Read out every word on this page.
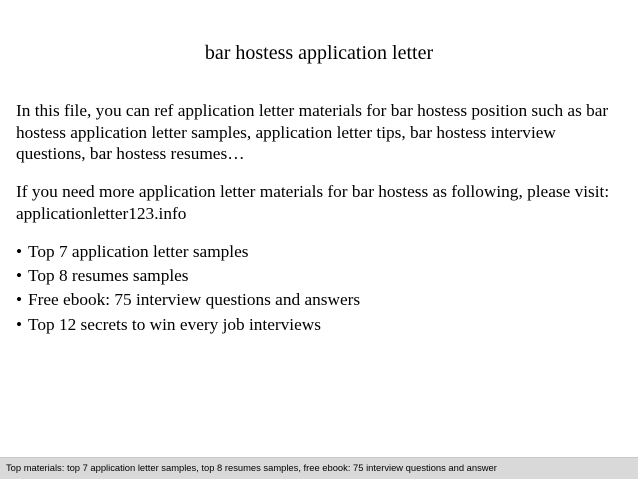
bar hostess application letter

In this file, you can ref application letter materials for bar hostess position such as bar hostess application letter samples, application letter tips, bar hostess interview questions, bar hostess resumes…

If you need more application letter materials for bar hostess as following, please visit: applicationletter123.info

• Top 7 application letter samples
• Top 8 resumes samples
• Free ebook: 75 interview questions and answers
• Top 12 secrets to win every job interviews
Top materials: top 7 application letter samples, top 8 resumes samples, free ebook: 75 interview questions and answer
